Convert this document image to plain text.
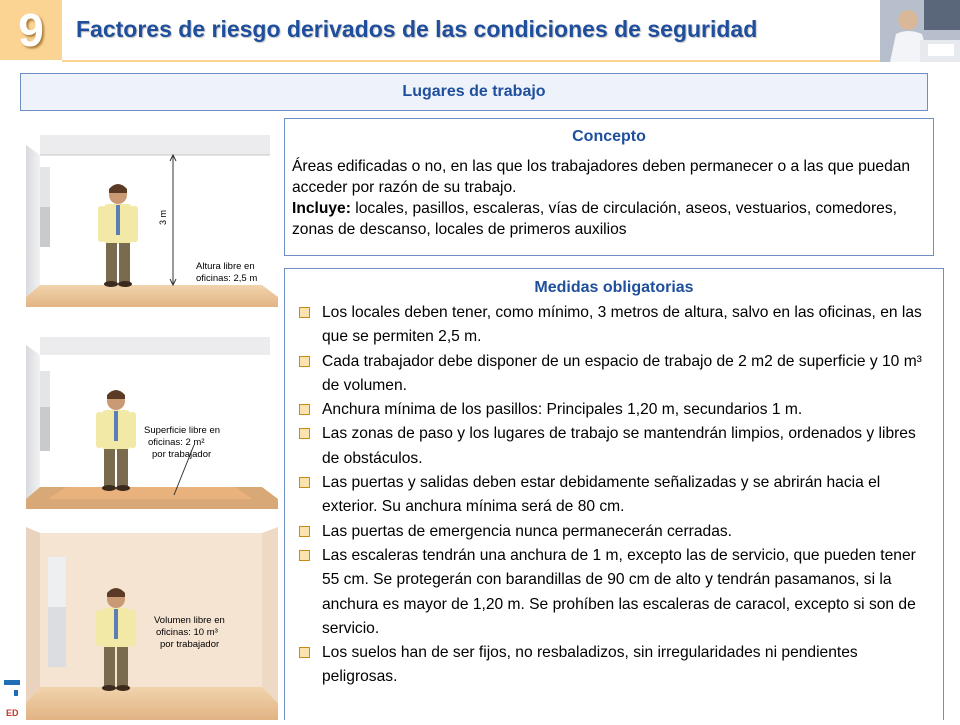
9 Factores de riesgo derivados de las condiciones de seguridad
Lugares de trabajo
3 m
Altura libre en
oficinas: 2,5 m
Superficie libre en
oficinas: 2 m²
por trabajador
Volumen libre en
oficinas: 10 m³
por trabajador
ED
Concepto
Áreas edificadas o no, en las que los trabajadores deben permanecer o a las que puedan acceder por razón de su trabajo.
Incluye: locales, pasillos, escaleras, vías de circulación, aseos, vestuarios, comedores, zonas de descanso, locales de primeros auxilios
Medidas obligatorias
Los locales deben tener, como mínimo, 3 metros de altura, salvo en las oficinas, en las que se permiten 2,5 m.
Cada trabajador debe disponer de un espacio de trabajo de 2 m2 de superficie y 10 m³ de volumen.
Anchura mínima de los pasillos: Principales 1,20 m, secundarios 1 m.
Las zonas de paso y los lugares de trabajo se mantendrán limpios, ordenados y libres de obstáculos.
Las puertas y salidas deben estar debidamente señalizadas y se abrirán hacia el exterior. Su anchura mínima será de 80 cm.
Las puertas de emergencia nunca permanecerán cerradas.
Las escaleras tendrán una anchura de 1 m, excepto las de servicio, que pueden tener 55 cm. Se protegerán con barandillas de 90 cm de alto y tendrán pasamanos, si la anchura es mayor de 1,20 m. Se prohíben las escaleras de caracol, excepto si son de servicio.
Los suelos han de ser fijos, no resbaladizos, sin irregularidades ni pendientes peligrosas.
